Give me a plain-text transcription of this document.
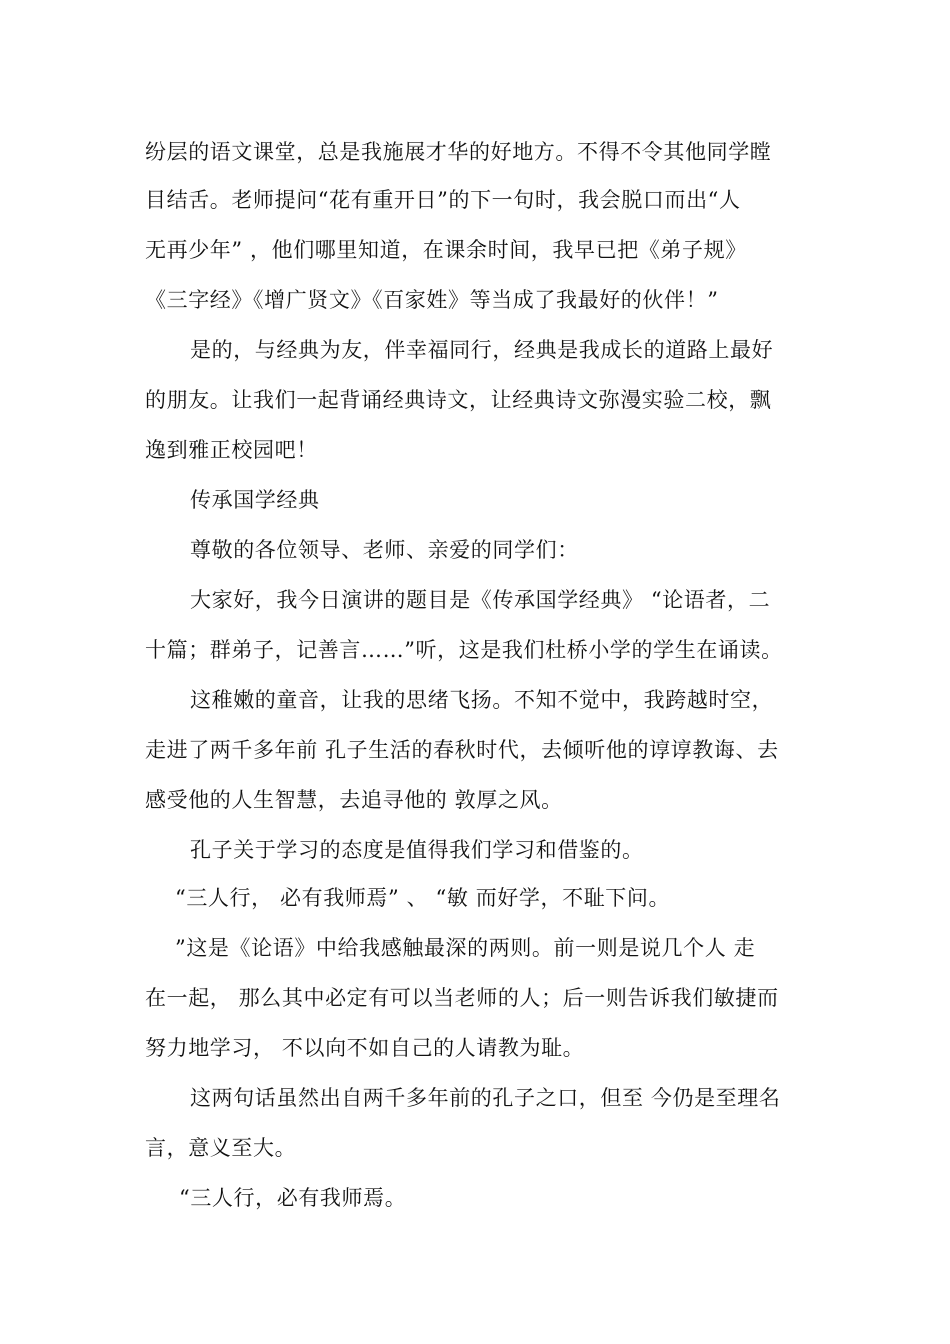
纷层的语文课堂，总是我施展才华的好地方。不得不令其他同学瞠
目结舌。老师提问“花有重开日”的下一句时，我会脱口而出“人
无再少年” ，他们哪里知道，在课余时间，我早已把《弟子规》
《三字经》《增广贤文》《百家姓》等当成了我最好的伙伴！”
是的，与经典为友，伴幸福同行，经典是我成长的道路上最好
的朋友。让我们一起背诵经典诗文，让经典诗文弥漫实验二校，飘
逸到雅正校园吧！
传承国学经典
尊敬的各位领导、老师、亲爱的同学们：
大家好，我今日演讲的题目是《传承国学经典》 “论语者，二
十篇；群弟子，记善言……”听，这是我们杜桥小学的学生在诵读。
这稚嫩的童音，让我的思绪飞扬。不知不觉中，我跨越时空，
走进了两千多年前 孔子生活的春秋时代，去倾听他的谆谆教诲、去
感受他的人生智慧，去追寻他的 敦厚之风。
孔子关于学习的态度是值得我们学习和借鉴的。
“三人行， 必有我师焉” 、 “敏 而好学，不耻下问。
”这是《论语》中给我感触最深的两则。前一则是说几个人 走
在一起， 那么其中必定有可以当老师的人；后一则告诉我们敏捷而
努力地学习， 不以向不如自己的人请教为耻。
这两句话虽然出自两千多年前的孔子之口，但至 今仍是至理名
言，意义至大。
“三人行，必有我师焉。
